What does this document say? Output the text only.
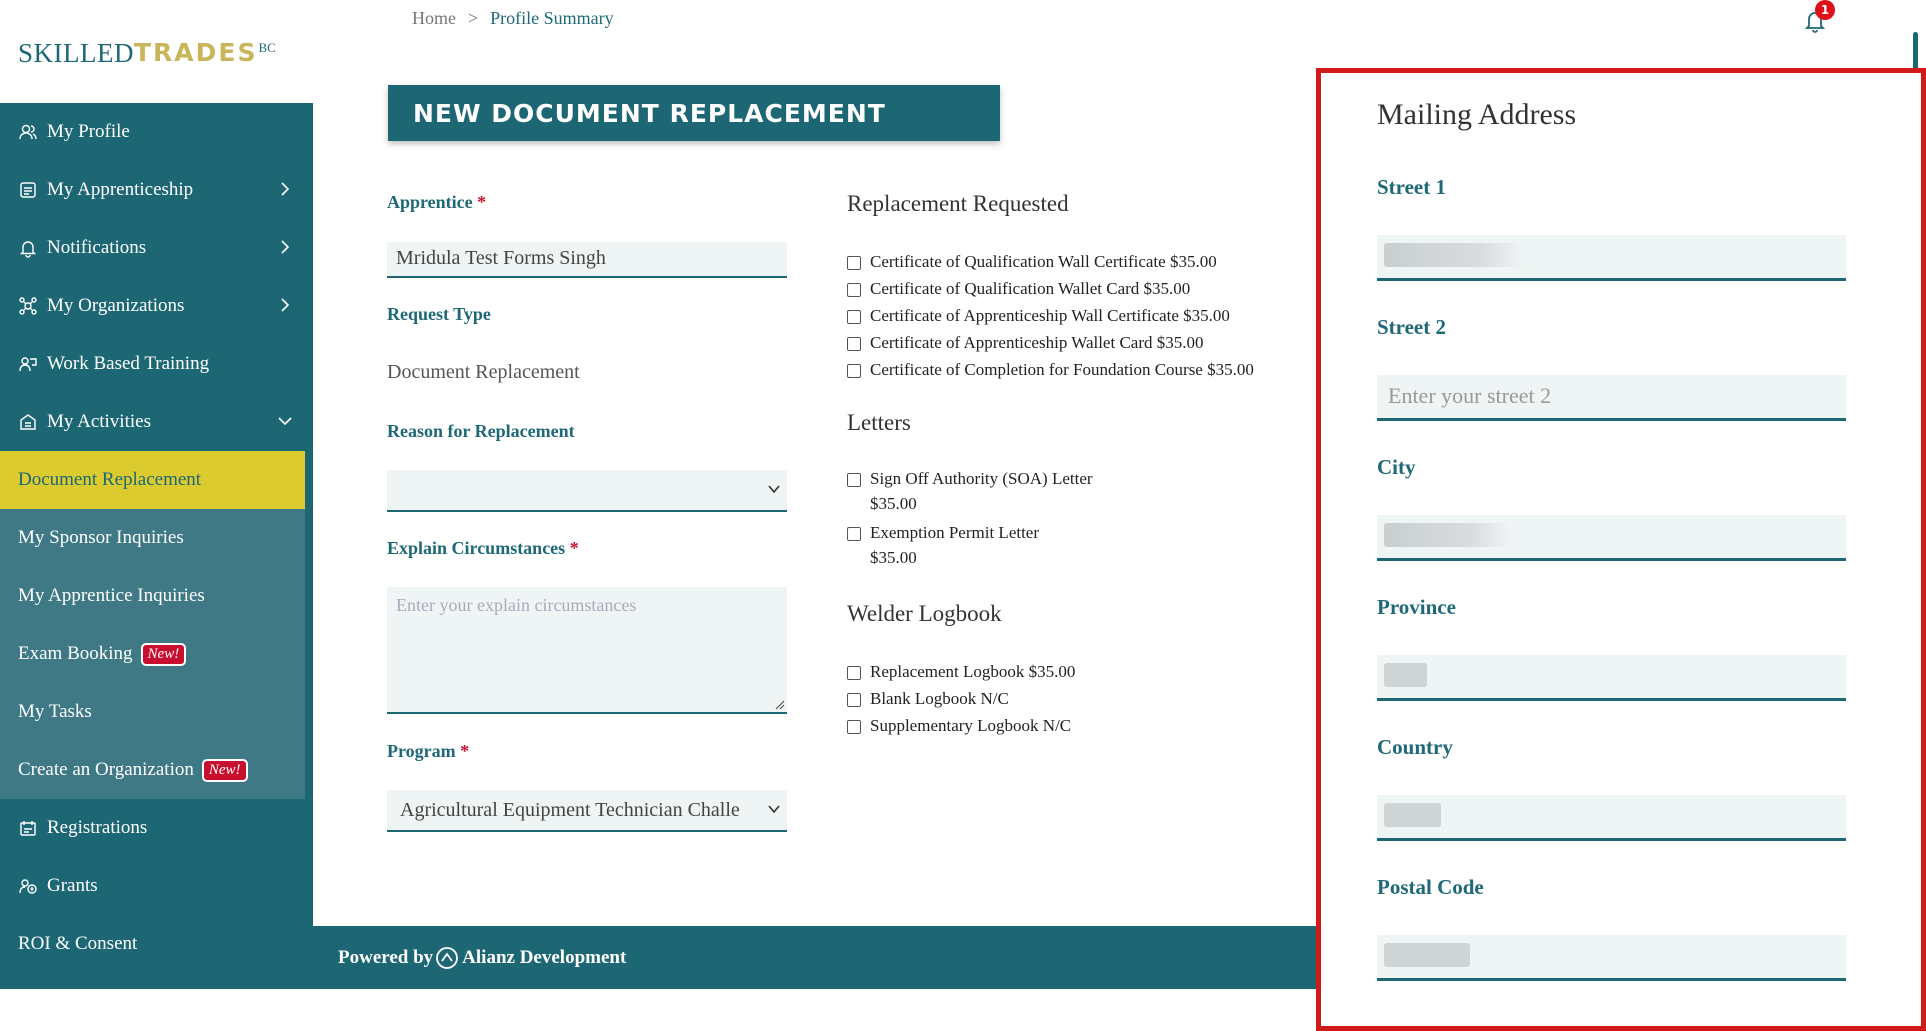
SKILLED TRADES BC
Home > Profile Summary	1
My Profile
My Apprenticeship
Notifications
My Organizations
Work Based Training
My Activities
Document Replacement
My Sponsor Inquiries
My Apprentice Inquiries
Exam Booking	New!
My Tasks
Create an Organization	New!
Registrations
Grants
ROI & Consent
NEW DOCUMENT REPLACEMENT
Apprentice *
Mridula Test Forms Singh
Request Type
Document Replacement
Reason for Replacement
Explain Circumstances *
Enter your explain circumstances
Program *
Agricultural Equipment Technician Challe
Replacement Requested
Certificate of Qualification Wall Certificate $35.00
Certificate of Qualification Wallet Card $35.00
Certificate of Apprenticeship Wall Certificate $35.00
Certificate of Apprenticeship Wallet Card $35.00
Certificate of Completion for Foundation Course $35.00
Letters
Sign Off Authority (SOA) Letter
$35.00
Exemption Permit Letter
$35.00
Welder Logbook
Replacement Logbook $35.00
Blank Logbook N/C
Supplementary Logbook N/C
Powered by Alianz Development
Mailing Address
Street 1
Street 2
Enter your street 2
City
Province
Country
Postal Code
